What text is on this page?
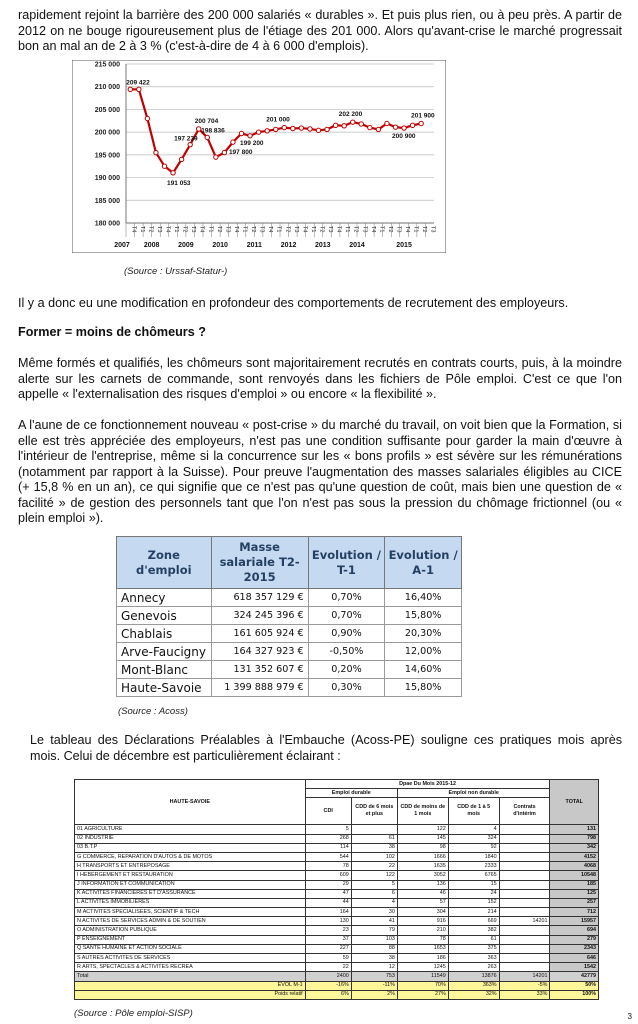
rapidement rejoint la barrière des 200 000 salariés « durables ». Et puis plus rien, ou à peu près. A partir de 2012 on ne bouge rigoureusement plus de l'étiage des 201 000. Alors qu'avant-crise le marché progressait bon an mal an de 2 à 3 % (c'est-à-dire de 4 à 6 000 d'emplois).

180 000
185 000
190 000
195 000
200 000
205 000
210 000
215 000
T4 T1 T2 T3 T4 T1 T2 T3 T4 T1 T2 T3 T4 T1 T2 T3 T4 T1 T2 T3 T4 T1 T2 T3 T4 T1 T2 T3 T4 T1 T2 T3 T4 T1 T2 T3
2007 2008	2009	2010	2011	2012	2013	2014	2015
209 422
200 704
197 239
198 836
191 053
197 800
199 200
201 000
202 200
200 900
201 900

(Source : Urssaf-Statur-)

Il y a donc eu une modification en profondeur des comportements de recrutement des employeurs.

Former = moins de chômeurs ?

Même formés et qualifiés, les chômeurs sont majoritairement recrutés en contrats courts, puis, à la moindre alerte sur les carnets de commande, sont renvoyés dans les fichiers de Pôle emploi. C'est ce que l'on appelle « l'externalisation des risques d'emploi » ou encore « la flexibilité ».

A l'aune de ce fonctionnement nouveau « post-crise » du marché du travail, on voit bien que la Formation, si elle est très appréciée des employeurs, n'est pas une condition suffisante pour garder la main d'œuvre à l'intérieur de l'entreprise, même si la concurrence sur les « bons profils » est sévère sur les rémunérations (notamment par rapport à la Suisse). Pour preuve l'augmentation des masses salariales éligibles au CICE (+ 15,8 % en un an), ce qui signifie que ce n'est pas qu'une question de coût, mais bien une question de « facilité » de gestion des personnels tant que l'on n'est pas sous la pression du chômage frictionnel (ou « plein emploi »).

Zone d'emploi	Masse salariale T2-2015	Evolution / T-1	Evolution / A-1
Annecy	618 357 129 €	0,70%	16,40%
Genevois	324 245 396 €	0,70%	15,80%
Chablais	161 605 924 €	0,90%	20,30%
Arve-Faucigny	164 327 923 €	-0,50%	12,00%
Mont-Blanc	131 352 607 €	0,20%	14,60%
Haute-Savoie	1 399 888 979 €	0,30%	15,80%

(Source : Acoss)

Le tableau des Déclarations Préalables à l'Embauche (Acoss-PE) souligne ces pratiques mois après mois. Celui de décembre est particulièrement éclairant :

HAUTE-SAVOIE	Dpae Du Mois 2015-12					TOTAL
	Emploi durable		Emploi non durable			
	CDI	CDD de 6 mois et plus	CDD de moins de 1 mois	CDD de 1 à 5 mois	Contrats d'intérim	
01 AGRICULTURE	5		122	4		131
02 INDUSTRIE	268	61	145	324		798
03 B.T.P	114	38	98	92		342
G COMMERCE, REPARATION D'AUTOS & DE MOTOS	544	102	1666	1840		4152
H TRANSPORTS ET ENTREPOSAGE	78	22	1635	2333		4068
I HEBERGEMENT ET RESTAURATION	609	122	3052	6765		10548
J INFORMATION ET COMMUNICATION	29	5	136	15		185
K ACTIVITES FINANCIERES ET D'ASSURANCE	47	6	46	24		125
L ACTIVITES IMMOBILIERES	44	4	57	152		257
M ACTIVITES SPECIALISEES, SCIENTIF & TECH	164	30	304	214		712
N ACTIVITES DE SERVICES ADMIN & DE SOUTIEN	130	41	916	669	14201	15957
O ADMINISTRATION PUBLIQUE	23	79	210	382		694
P ENSEIGNEMENT	37	103	78	61		279
Q SANTE HUMAINE ET ACTION SOCIALE	227	88	1653	375		2343
S AUTRES ACTIVITES DE SERVICES	59	38	186	363		646
R ARTS, SPECTACLES & ACTIVITES RECREA	22	12	1245	263		1542
Total	2400	753	11549	13876	14201	42779
EVOL M-1	-16%	-11%	70%	363%	-5%	50%
Poids relatif	6%	2%	27%	32%	33%	100%

(Source : Pôle emploi-SISP)	3
